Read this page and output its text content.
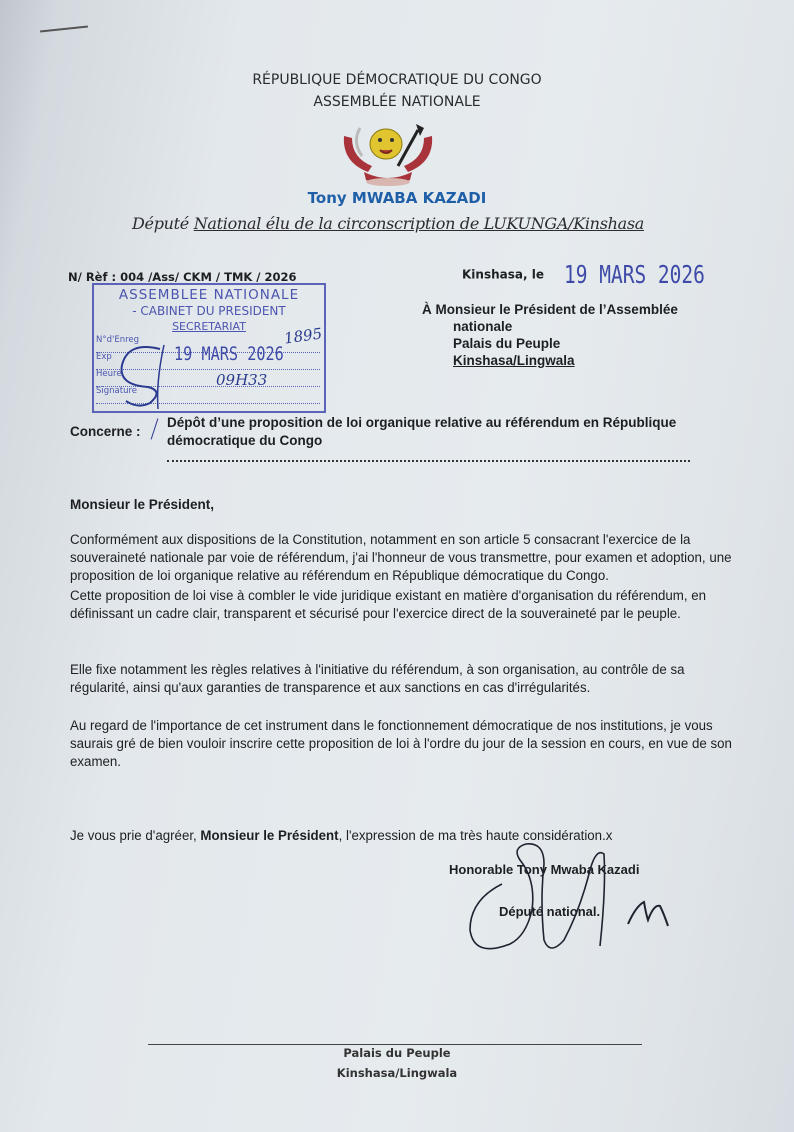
RÉPUBLIQUE DÉMOCRATIQUE DU CONGO
ASSEMBLÉE NATIONALE
Tony MWABA KAZADI
Député National élu de la circonscription de LUKUNGA/Kinshasa
N/ Rèf : 004 /Ass/ CKM / TMK / 2026
ASSEMBLEE NATIONALE
- CABINET DU PRESIDENT
SECRETARIAT
N°d'Enreg
Exp
Heure
Signature
1895
19 MARS 2026
09H33
Kinshasa, le 19 MARS 2026
À Monsieur le Président de l’Assemblée
nationale
Palais du Peuple
Kinshasa/Lingwala
Concerne :
Dépôt d’une proposition de loi organique relative au référendum en République démocratique du Congo
Monsieur le Président,
Conformément aux dispositions de la Constitution, notamment en son article 5 consacrant l'exercice de la souveraineté nationale par voie de référendum, j'ai l'honneur de vous transmettre, pour examen et adoption, une proposition de loi organique relative au référendum en République démocratique du Congo.
Cette proposition de loi vise à combler le vide juridique existant en matière d'organisation du référendum, en définissant un cadre clair, transparent et sécurisé pour l'exercice direct de la souveraineté par le peuple.
Elle fixe notamment les règles relatives à l'initiative du référendum, à son organisation, au contrôle de sa régularité, ainsi qu'aux garanties de transparence et aux sanctions en cas d'irrégularités.
Au regard de l'importance de cet instrument dans le fonctionnement démocratique de nos institutions, je vous saurais gré de bien vouloir inscrire cette proposition de loi à l'ordre du jour de la session en cours, en vue de son examen.
Je vous prie d'agréer, Monsieur le Président, l'expression de ma très haute considération.x
Honorable Tony Mwaba Kazadi
Député national.
Palais du Peuple
Kinshasa/Lingwala
